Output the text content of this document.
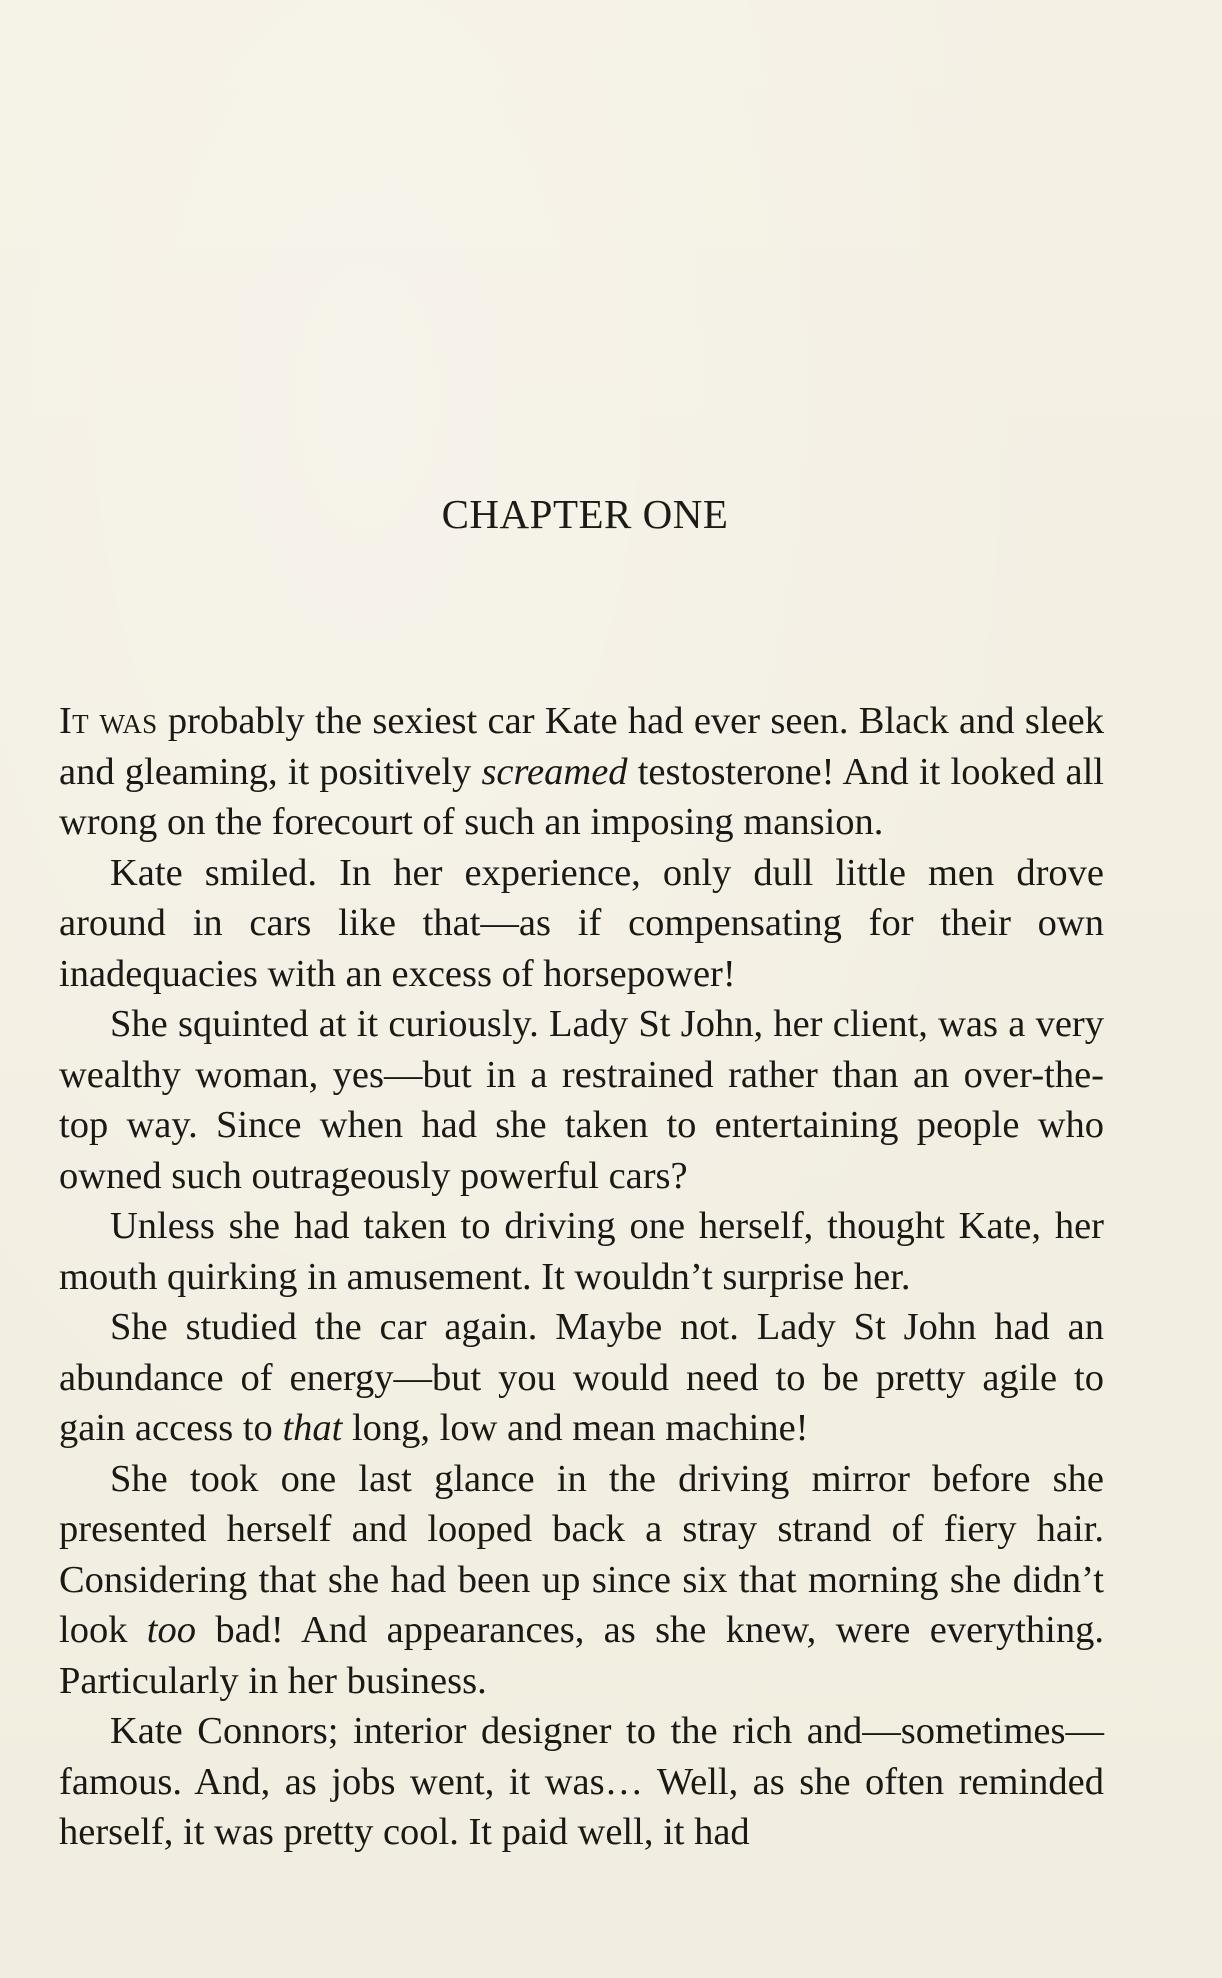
CHAPTER ONE

It was probably the sexiest car Kate had ever seen. Black and sleek and gleaming, it positively screamed testosterone! And it looked all wrong on the forecourt of such an imposing mansion.

Kate smiled. In her experience, only dull little men drove around in cars like that—as if compensating for their own inadequacies with an excess of horsepower!

She squinted at it curiously. Lady St John, her client, was a very wealthy woman, yes—but in a restrained rather than an over-the-top way. Since when had she taken to entertaining people who owned such outrageously powerful cars?

Unless she had taken to driving one herself, thought Kate, her mouth quirking in amusement. It wouldn’t surprise her.

She studied the car again. Maybe not. Lady St John had an abundance of energy—but you would need to be pretty agile to gain access to that long, low and mean machine!

She took one last glance in the driving mirror before she presented herself and looped back a stray strand of fiery hair. Considering that she had been up since six that morning she didn’t look too bad! And appearances, as she knew, were everything. Particularly in her business.

Kate Connors; interior designer to the rich and—sometimes—famous. And, as jobs went, it was… Well, as she often reminded herself, it was pretty cool. It paid well, it had
